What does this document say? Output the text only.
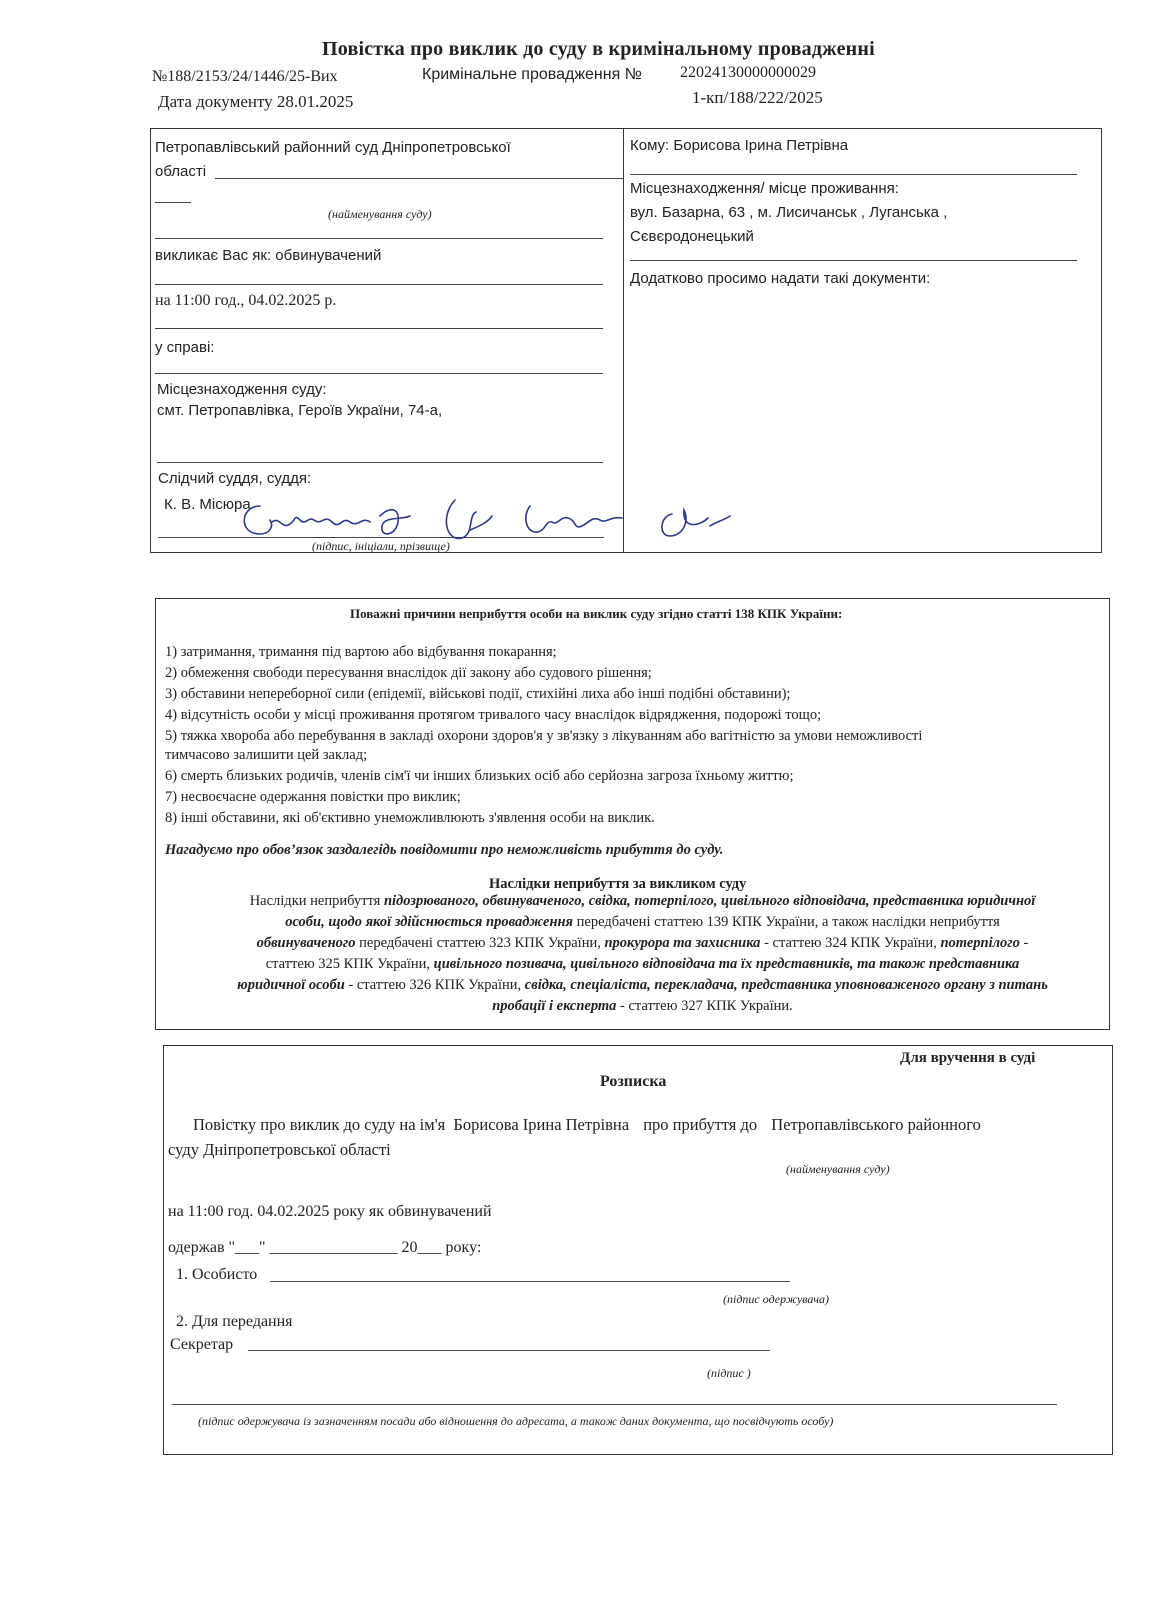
Повістка про виклик до суду в кримінальному провадженні
№188/2153/24/1446/25-Вих	Кримінальне провадження № 22024130000000029
Дата документу 28.01.2025	1-кп/188/222/2025
Петропавлівський районний суд Дніпропетровської
області
(найменування суду)
викликає Вас як: обвинувачений
на 11:00 год., 04.02.2025 р.
у справі:
Місцезнаходження суду:
смт. Петропавлівка, Героїв України, 74-а,
Слідчий суддя, суддя:
К. В. Місюра
(підпис, ініціали, прізвище)
Кому: Борисова Ірина Петрівна
Місцезнаходження/ місце проживання:
вул. Базарна, 63 , м. Лисичанськ , Луганська ,
Сєвєродонецький
Додатково просимо надати такі документи:
Поважні причини неприбуття особи на виклик суду згідно статті 138 КПК України:
1) затримання, тримання під вартою або відбування покарання;
2) обмеження свободи пересування внаслідок дії закону або судового рішення;
3) обставини непереборної сили (епідемії, військові події, стихійні лиха або інші подібні обставини);
4) відсутність особи у місці проживання протягом тривалого часу внаслідок відрядження, подорожі тощо;
5) тяжка хвороба або перебування в закладі охорони здоров'я у зв'язку з лікуванням або вагітністю за умови неможливості
тимчасово залишити цей заклад;
6) смерть близьких родичів, членів сім'ї чи інших близьких осіб або серйозна загроза їхньому життю;
7) несвоєчасне одержання повістки про виклик;
8) інші обставини, які об'єктивно унеможливлюють з'явлення особи на виклик.
Нагадуємо про обов’язок заздалегідь повідомити про неможливість прибуття до суду.
Наслідки неприбуття за викликом суду
Наслідки неприбуття підозрюваного, обвинуваченого, свідка, потерпілого, цивільного відповідача, представника юридичної
особи, щодо якої здійснюється провадження передбачені статтею 139 КПК України, а також наслідки неприбуття
обвинуваченого передбачені статтею 323 КПК України, прокурора та захисника - статтею 324 КПК України, потерпілого -
статтею 325 КПК України, цивільного позивача, цивільного відповідача та їх представників, та також представника
юридичної особи - статтею 326 КПК України, свідка, спеціаліста, перекладача, представника уповноваженого органу з питань
пробації і експерта - статтею 327 КПК України.
Для вручення в суді
Розписка
Повістку про виклик до суду на ім'я Борисова Ірина Петрівна про прибуття до Петропавлівського районного
суду Дніпропетровської області
(найменування суду)
на 11:00 год. 04.02.2025 року як обвинувачений
одержав "___" ________________ 20___ року:
1. Особисто
(підпис одержувача)
2. Для передання
Секретар
(підпис )
(підпис одержувача із зазначенням посади або відношення до адресата, а також даних документа, що посвідчують особу)
